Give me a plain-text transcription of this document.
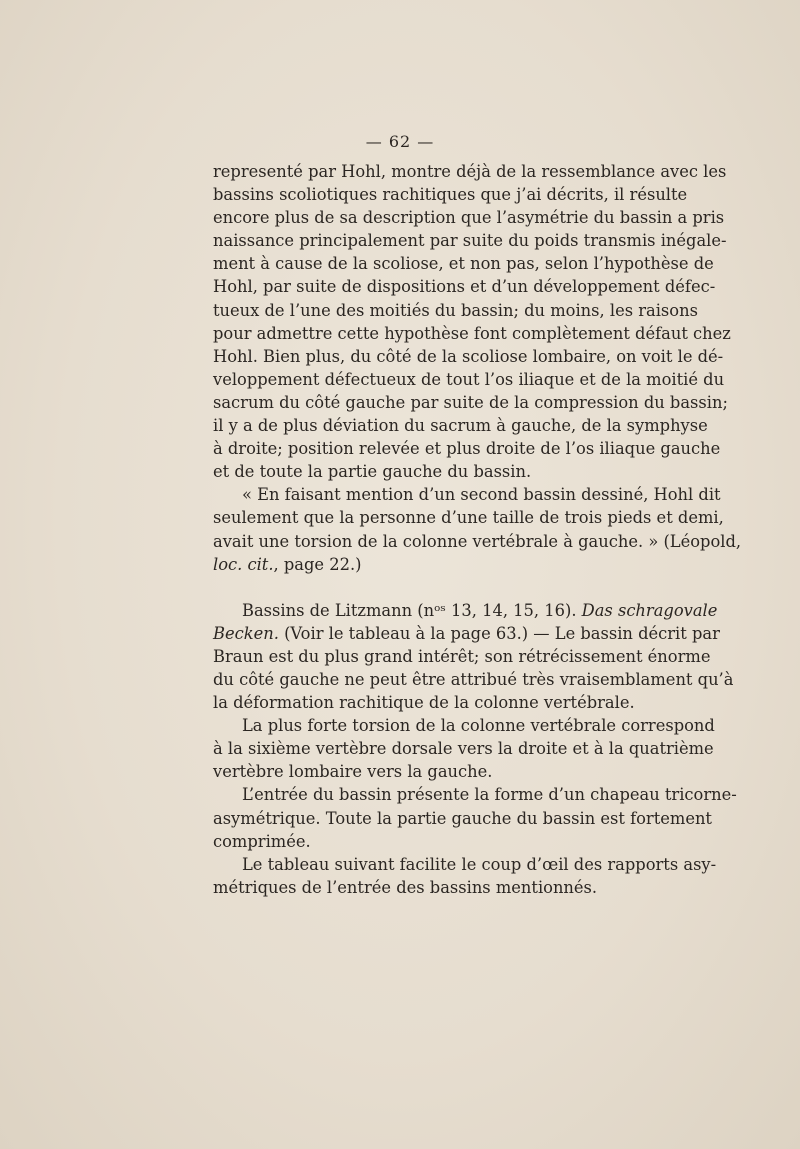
— 62 —
representé par Hohl, montre déjà de la ressemblance avec les
bassins scoliotiques rachitiques que j’ai décrits, il résulte
encore plus de sa description que l’asymétrie du bassin a pris
naissance principalement par suite du poids transmis inégale-
ment à cause de la scoliose, et non pas, selon l’hypothèse de
Hohl, par suite de dispositions et d’un développement défec-
tueux de l’une des moitiés du bassin; du moins, les raisons
pour admettre cette hypothèse font complètement défaut chez
Hohl. Bien plus, du côté de la scoliose lombaire, on voit le dé-
veloppement défectueux de tout l’os iliaque et de la moitié du
sacrum du côté gauche par suite de la compression du bassin;
il y a de plus déviation du sacrum à gauche, de la symphyse
à droite; position relevée et plus droite de l’os iliaque gauche
et de toute la partie gauche du bassin.
« En faisant mention d’un second bassin dessiné, Hohl dit
seulement que la personne d’une taille de trois pieds et demi,
avait une torsion de la colonne vertébrale à gauche. » (Léopold,
loc. cit., page 22.)
Bassins de Litzmann (nᵒˢ 13, 14, 15, 16). Das schragovale
Becken. (Voir le tableau à la page 63.) — Le bassin décrit par
Braun est du plus grand intérêt; son rétrécissement énorme
du côté gauche ne peut être attribué très vraisemblament qu’à
la déformation rachitique de la colonne vertébrale.
La plus forte torsion de la colonne vertébrale correspond
à la sixième vertèbre dorsale vers la droite et à la quatrième
vertèbre lombaire vers la gauche.
L’entrée du bassin présente la forme d’un chapeau tricorne-
asymétrique. Toute la partie gauche du bassin est fortement
comprimée.
Le tableau suivant facilite le coup d’œil des rapports asy-
métriques de l’entrée des bassins mentionnés.
